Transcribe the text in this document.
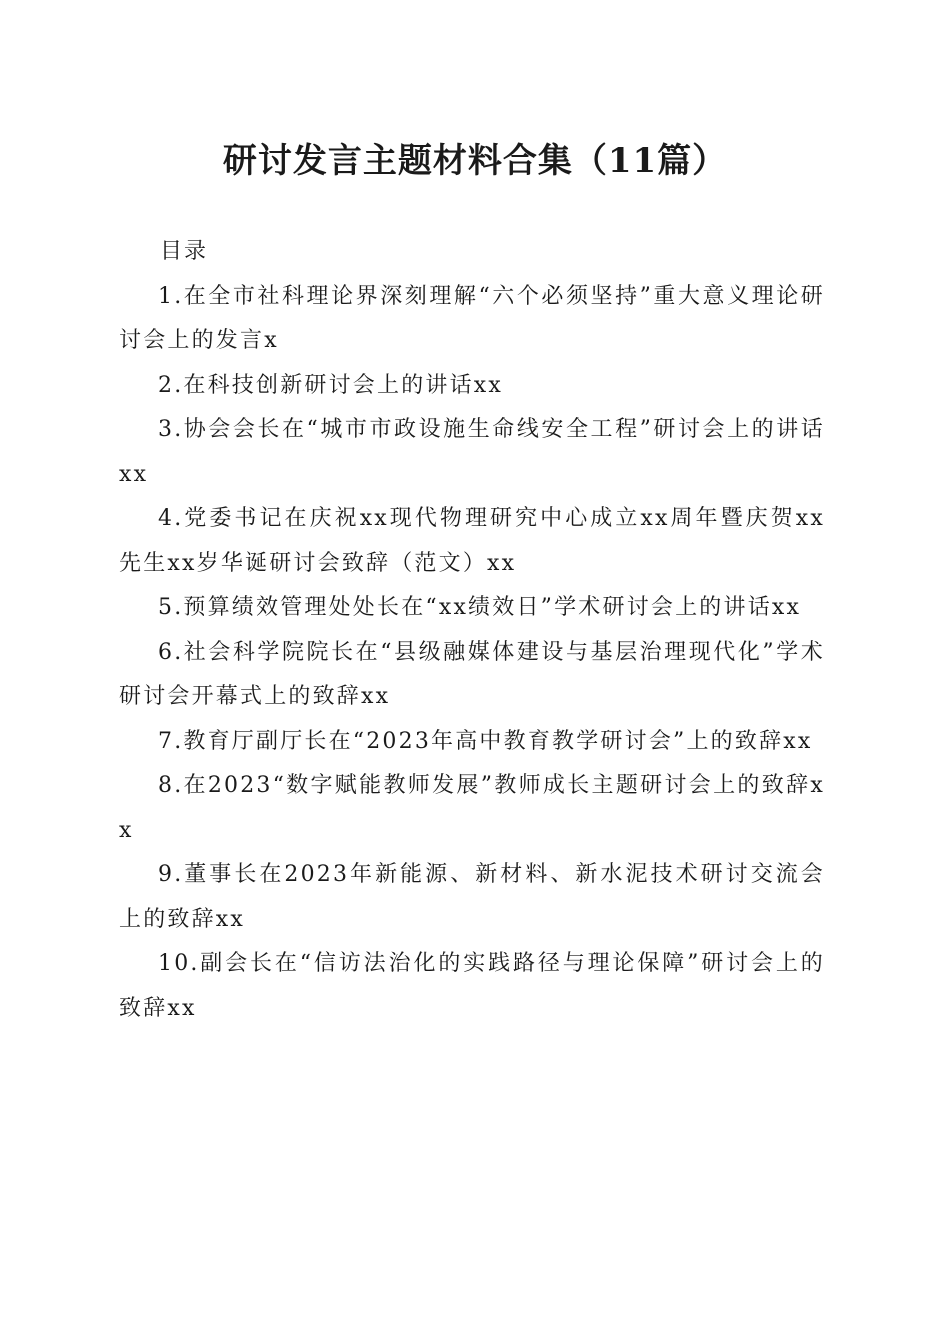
研讨发言主题材料合集（11篇）

目录

1.在全市社科理论界深刻理解“六个必须坚持”重大意义理论研讨会上的发言x
2.在科技创新研讨会上的讲话xx
3.协会会长在“城市市政设施生命线安全工程”研讨会上的讲话xx
4.党委书记在庆祝xx现代物理研究中心成立xx周年暨庆贺xx先生xx岁华诞研讨会致辞（范文）xx
5.预算绩效管理处处长在“xx绩效日”学术研讨会上的讲话xx
6.社会科学院院长在“县级融媒体建设与基层治理现代化”学术研讨会开幕式上的致辞xx
7.教育厅副厅长在“2023年高中教育教学研讨会”上的致辞xx
8.在2023“数字赋能教师发展”教师成长主题研讨会上的致辞xx
9.董事长在2023年新能源、新材料、新水泥技术研讨交流会上的致辞xx
10.副会长在“信访法治化的实践路径与理论保障”研讨会上的致辞xx
